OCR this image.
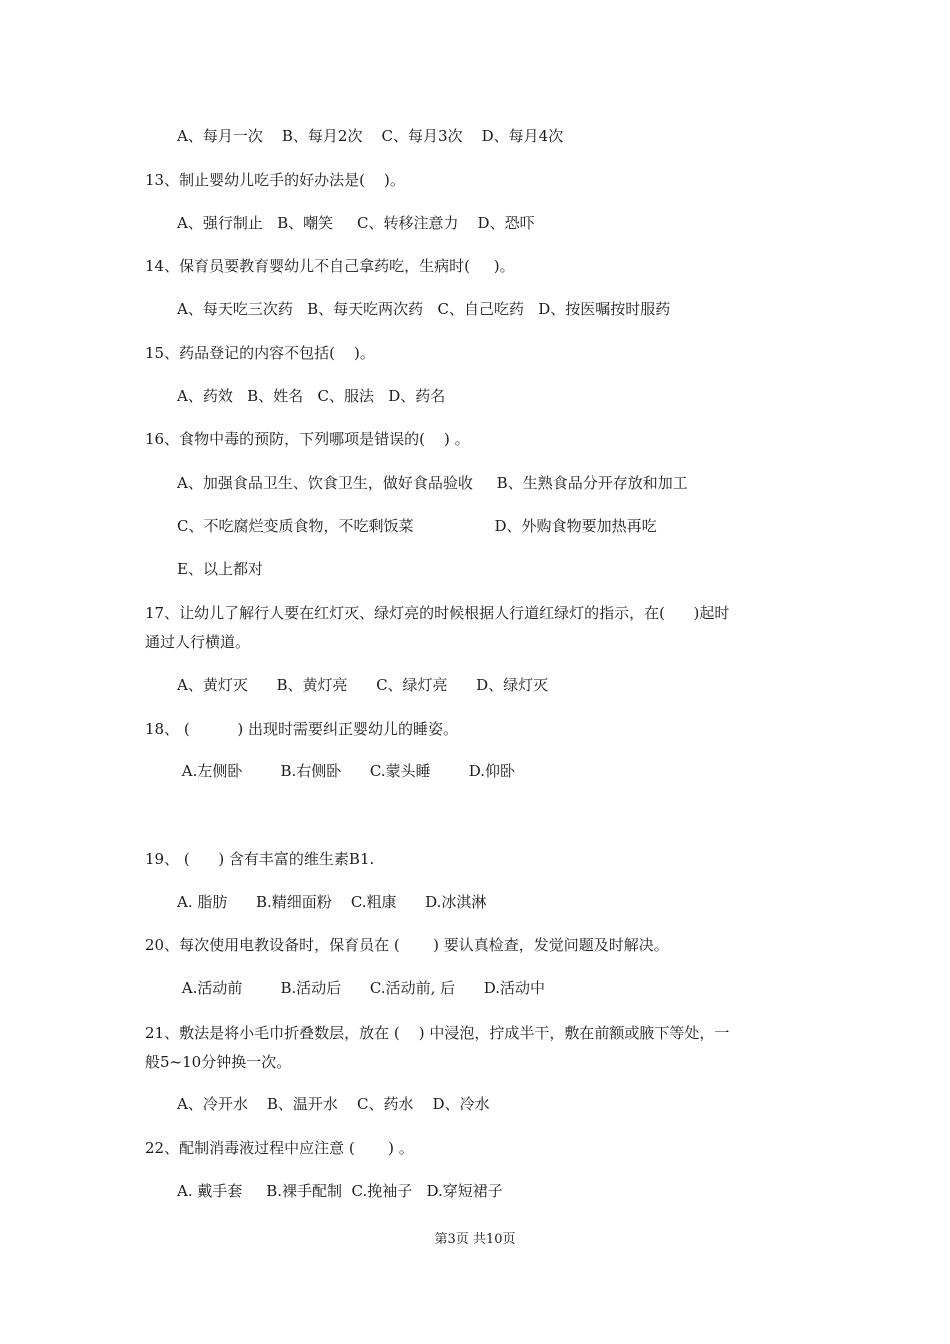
A、每月一次    B、每月2次    C、每月3次    D、每月4次
13、制止婴幼儿吃手的好办法是(    )。
A、强行制止   B、嘲笑     C、转移注意力    D、恐吓
14、保育员要教育婴幼儿不自己拿药吃，生病时(     )。
A、每天吃三次药   B、每天吃两次药   C、自己吃药   D、按医嘱按时服药
15、药品登记的内容不包括(    )。
A、药效   B、姓名   C、服法   D、药名
16、食物中毒的预防，下列哪项是错误的(    ) 。
A、加强食品卫生、饮食卫生，做好食品验收     B、生熟食品分开存放和加工
C、不吃腐烂变质食物，不吃剩饭菜                 D、外购食物要加热再吃
E、以上都对
17、让幼儿了解行人要在红灯灭、绿灯亮的时候根据人行道红绿灯的指示，在(      )起时
通过人行横道。
A、黄灯灭      B、黄灯亮      C、绿灯亮      D、绿灯灭
18、 (          ) 出现时需要纠正婴幼儿的睡姿。
A.左侧卧        B.右侧卧      C.蒙头睡        D.仰卧
19、 (      ) 含有丰富的维生素B1.
A. 脂肪      B.精细面粉    C.粗康      D.冰淇淋
20、每次使用电教设备时，保育员在 (       ) 要认真检查，发觉问题及时解决。
A.活动前        B.活动后      C.活动前, 后      D.活动中
21、敷法是将小毛巾折叠数层，放在 (    ) 中浸泡，拧成半干，敷在前额或腋下等处，一
般5~10分钟换一次。
A、冷开水    B、温开水    C、药水    D、冷水
22、配制消毒液过程中应注意 (       ) 。
A. 戴手套     B.裸手配制  C.挽袖子   D.穿短裙子
第3页 共10页
